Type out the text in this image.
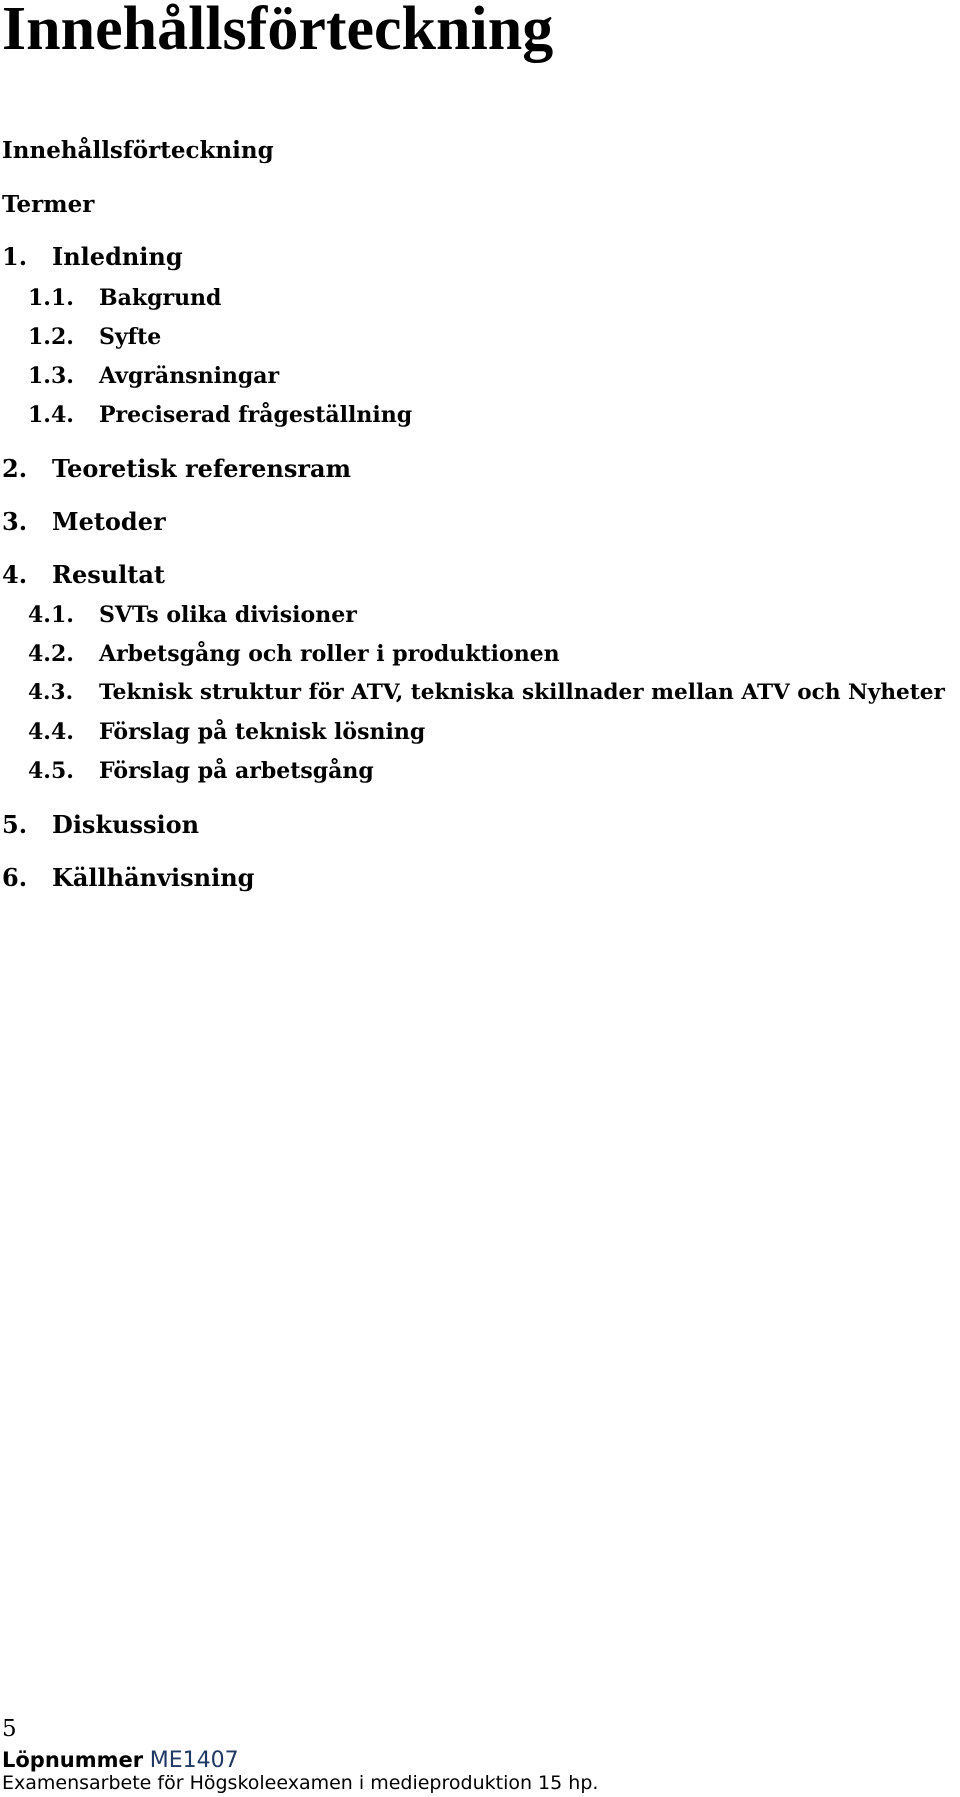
Innehållsförteckning
Innehållsförteckning
Termer
1. Inledning
1.1. Bakgrund
1.2. Syfte
1.3. Avgränsningar
1.4. Preciserad frågeställning
2. Teoretisk referensram
3. Metoder
4. Resultat
4.1. SVTs olika divisioner
4.2. Arbetsgång och roller i produktionen
4.3. Teknisk struktur för ATV, tekniska skillnader mellan ATV och Nyheter
4.4. Förslag på teknisk lösning
4.5. Förslag på arbetsgång
5. Diskussion
6. Källhänvisning
5
Löpnummer ME1407
Examensarbete för Högskoleexamen i medieproduktion 15 hp.
